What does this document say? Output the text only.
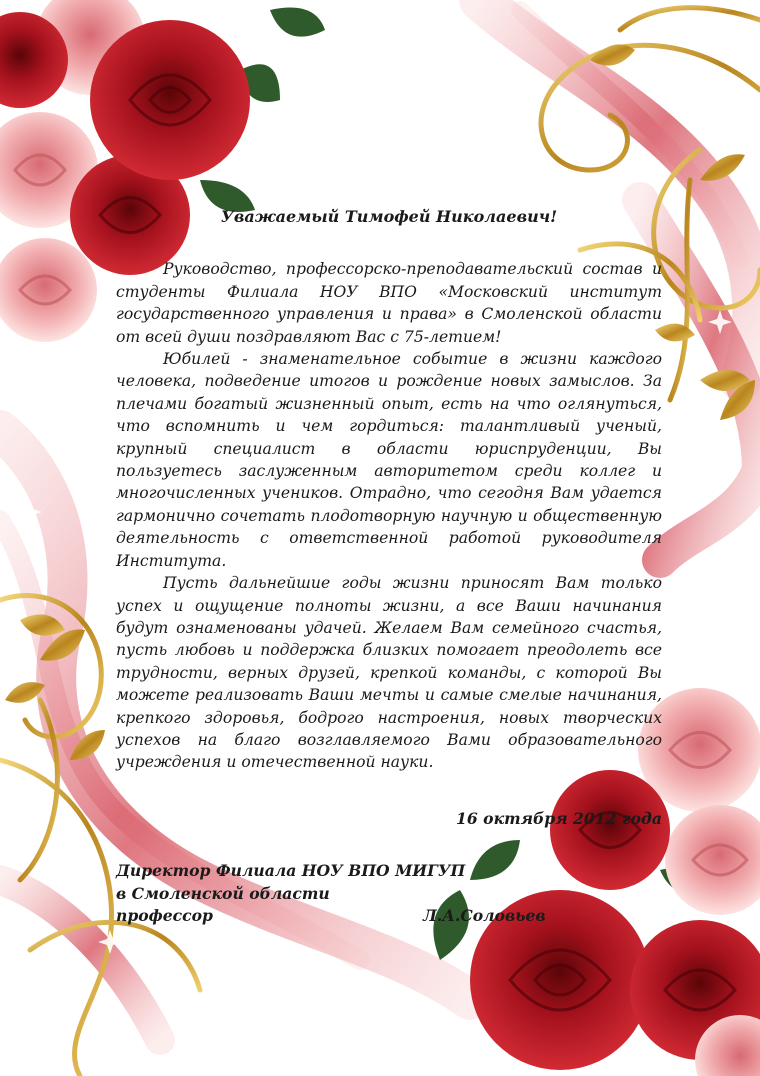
Уважаемый Тимофей Николаевич!

Руководство, профессорско-преподавательский состав и студенты Филиала НОУ ВПО «Московский институт государственного управления и права» в Смоленской области от всей души поздравляют Вас с 75-летием!

Юбилей - знаменательное событие в жизни каждого человека, подведение итогов и рождение новых замыслов. За плечами богатый жизненный опыт, есть на что оглянуться, что вспомнить и чем гордиться: талантливый ученый, крупный специалист в области юриспруденции, Вы пользуетесь заслуженным авторитетом среди коллег и многочисленных учеников. Отрадно, что сегодня Вам удается гармонично сочетать плодотворную научную и общественную деятельность с ответственной работой руководителя Института.

Пусть дальнейшие годы жизни приносят Вам только успех и ощущение полноты жизни, а все Ваши начинания будут ознаменованы удачей. Желаем Вам семейного счастья, пусть любовь и поддержка близких помогает преодолеть все трудности, верных друзей, крепкой команды, с которой Вы можете реализовать Ваши мечты и самые смелые начинания, крепкого здоровья, бодрого настроения, новых творческих успехов на благо возглавляемого Вами образовательного учреждения и отечественной науки.

16 октября 2012 года
Директор Филиала НОУ ВПО МИГУП
в Смоленской области
профессор	Л.А.Соловьев
